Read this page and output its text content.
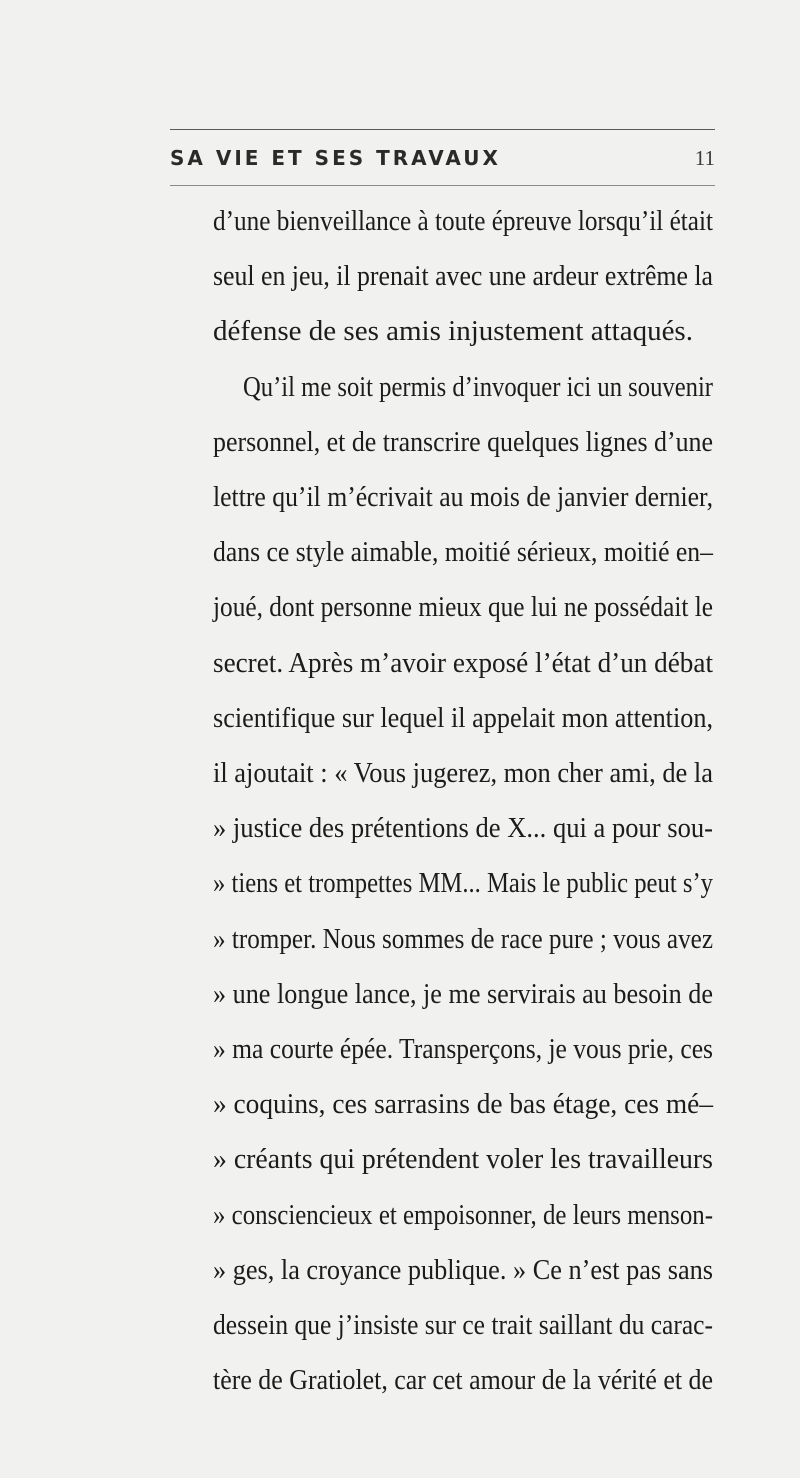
SA VIE ET SES TRAVAUX	11
d’une bienveillance à toute épreuve lorsqu’il était
seul en jeu, il prenait avec une ardeur extrême la
défense de ses amis injustement attaqués.
Qu’il me soit permis d’invoquer ici un souvenir
personnel, et de transcrire quelques lignes d’une
lettre qu’il m’écrivait au mois de janvier dernier,
dans ce style aimable, moitié sérieux, moitié en–
joué, dont personne mieux que lui ne possédait le
secret. Après m’avoir exposé l’état d’un débat
scientifique sur lequel il appelait mon attention,
il ajoutait : « Vous jugerez, mon cher ami, de la
» justice des prétentions de X... qui a pour sou-
» tiens et trompettes MM... Mais le public peut s’y
» tromper. Nous sommes de race pure ; vous avez
» une longue lance, je me servirais au besoin de
» ma courte épée. Transperçons, je vous prie, ces
» coquins, ces sarrasins de bas étage, ces mé–
» créants qui prétendent voler les travailleurs
» consciencieux et empoisonner, de leurs menson-
» ges, la croyance publique. » Ce n’est pas sans
dessein que j’insiste sur ce trait saillant du carac-
tère de Gratiolet, car cet amour de la vérité et de
